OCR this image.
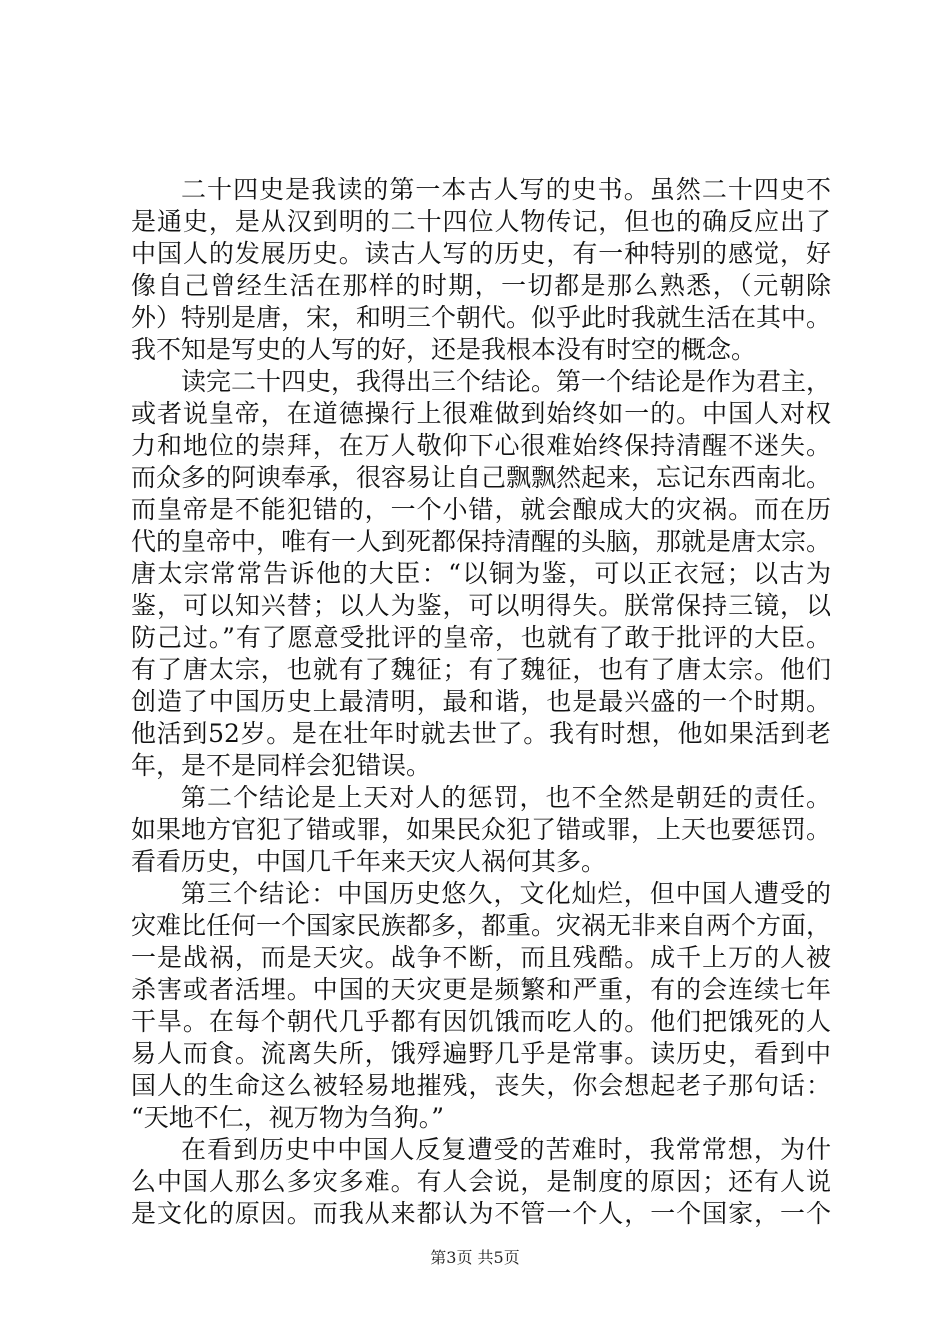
二十四史是我读的第一本古人写的史书。虽然二十四史不
是通史，是从汉到明的二十四位人物传记，但也的确反应出了
中国人的发展历史。读古人写的历史，有一种特别的感觉，好
像自己曾经生活在那样的时期，一切都是那么熟悉，（元朝除
外）特别是唐，宋，和明三个朝代。似乎此时我就生活在其中。
我不知是写史的人写的好，还是我根本没有时空的概念。
读完二十四史，我得出三个结论。第一个结论是作为君主，
或者说皇帝，在道德操行上很难做到始终如一的。中国人对权
力和地位的崇拜，在万人敬仰下心很难始终保持清醒不迷失。
而众多的阿谀奉承，很容易让自己飘飘然起来，忘记东西南北。
而皇帝是不能犯错的，一个小错，就会酿成大的灾祸。而在历
代的皇帝中，唯有一人到死都保持清醒的头脑，那就是唐太宗。
唐太宗常常告诉他的大臣：“以铜为鉴，可以正衣冠；以古为
鉴，可以知兴替；以人为鉴，可以明得失。朕常保持三镜，以
防己过。”有了愿意受批评的皇帝，也就有了敢于批评的大臣。
有了唐太宗，也就有了魏征；有了魏征，也有了唐太宗。他们
创造了中国历史上最清明，最和谐，也是最兴盛的一个时期。
他活到52岁。是在壮年时就去世了。我有时想，他如果活到老
年，是不是同样会犯错误。
第二个结论是上天对人的惩罚，也不全然是朝廷的责任。
如果地方官犯了错或罪，如果民众犯了错或罪，上天也要惩罚。
看看历史，中国几千年来天灾人祸何其多。
第三个结论：中国历史悠久，文化灿烂，但中国人遭受的
灾难比任何一个国家民族都多，都重。灾祸无非来自两个方面，
一是战祸，而是天灾。战争不断，而且残酷。成千上万的人被
杀害或者活埋。中国的天灾更是频繁和严重，有的会连续七年
干旱。在每个朝代几乎都有因饥饿而吃人的。他们把饿死的人
易人而食。流离失所，饿殍遍野几乎是常事。读历史，看到中
国人的生命这么被轻易地摧残，丧失，你会想起老子那句话：
“天地不仁，视万物为刍狗。”
在看到历史中中国人反复遭受的苦难时，我常常想，为什
么中国人那么多灾多难。有人会说，是制度的原因；还有人说
是文化的原因。而我从来都认为不管一个人，一个国家，一个
第3页 共5页
